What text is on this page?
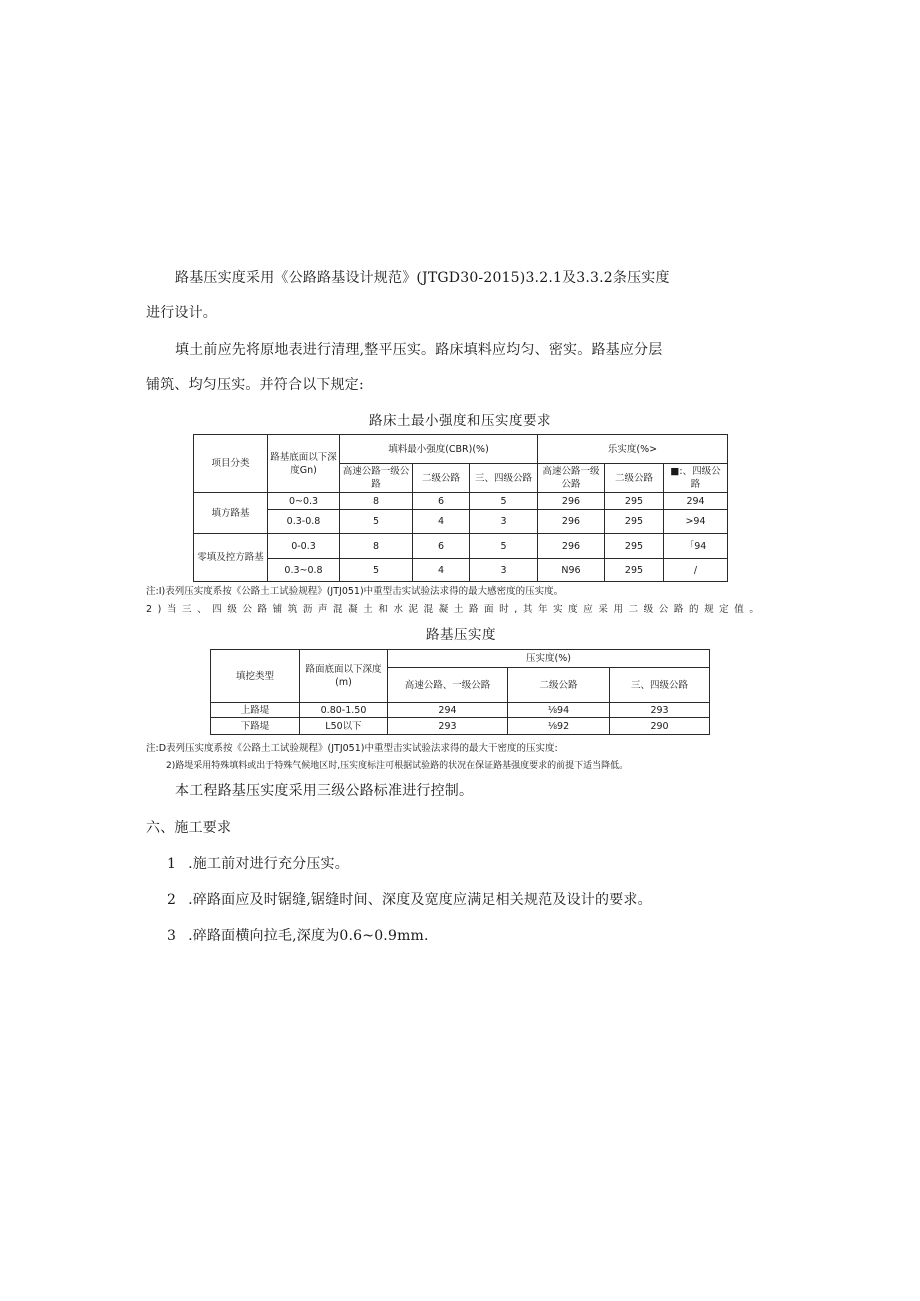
路基压实度采用《公路路基设计规范》(JTGD30-2015)3.2.1及3.3.2条压实度
进行设计。
填土前应先将原地表进行清理,整平压实。路床填料应均匀、密实。路基应分层
铺筑、均匀压实。并符合以下规定:
路床土最小强度和压实度要求
项目分类	路基底面以下深度Gn)	填料最小强度(CBR)(%)			乐实度(%>		
		高速公路一级公路	二级公路	三、四级公路	高速公路一级公路	二级公路	■:、四级公路
填方路基	0~0.3	8	6	5	296	295	294
	0.3-0.8	5	4	3	296	295	>94
零填及控方路基	0-0.3	8	6	5	296	295	「94
	0.3~0.8	5	4	3	N96	295	/
注:I)表列压实度系按《公路土工试验规程》(JTJ051)中重型击实试验法求得的最大感密度的压实度。
2)当三、四级公路铺筑沥声混凝土和水泥混凝土路面时,其年实度应采用二级公路的规定值。
路基压实度
填挖类型	路面底面以下深度(m)	压实度(%)		
		高速公路、一级公路	二级公路	三、四级公路
上路堤	0.80-1.50	294	⅛94	293
下路堤	L50以下	293	⅛92	290
注:D表列压实度系按《公路土工试验规程》(JTJ051)中重型击实试验法求得的最大干密度的压实度:
2)路堤采用特殊填料或出于特殊气候地区时,压实度标注可根据试验路的状况在保证路基强度要求的前提下适当降低。
本工程路基压实度采用三级公路标准进行控制。
六、施工要求
1 .施工前对进行充分压实。
2 .碎路面应及时锯缝,锯缝时间、深度及宽度应满足相关规范及设计的要求。
3 .碎路面横向拉毛,深度为0.6~0.9mm.
